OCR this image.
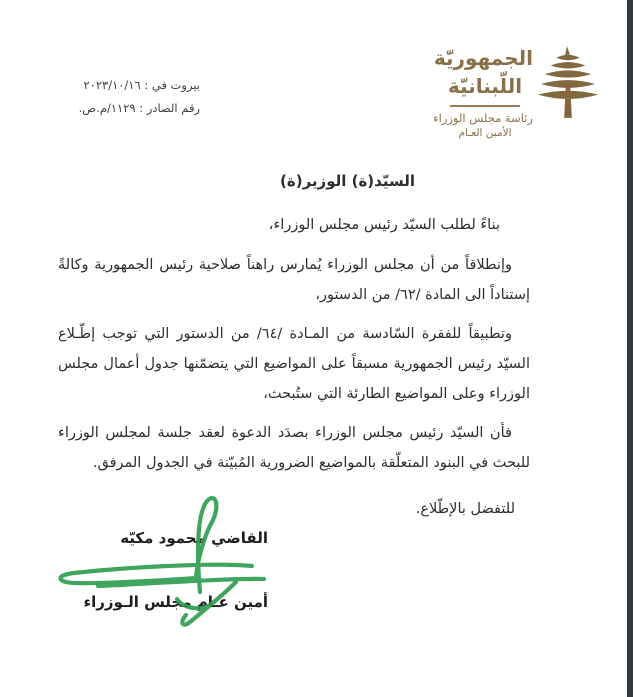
بيروت في : ٢٠٢٣/١٠/١٦
رقم الصادر : ١١٢٩/م.ص.
الجمهوريّة
اللّبنانيّة
رئاسة مجلس الوزراء
الأمين العـام
السيّد(ة) الوزير(ة)
بناءً لطلب السيّد رئيس مجلس الوزراء،
وإنطلاقاً من أن مجلس الوزراء يُمارس راهناً صلاحية رئيس الجمهورية وكالةً إستناداً الى المادة /٦٢/ من الدستور،
وتطبيقاً للفقرة السّادسة من المـادة /٦٤/ من الدستور التي توجب إطّـلاع السيّد رئيس الجمهورية مسبقاً على المواضيع التي يتضمّنها جدول أعمال مجلس الوزراء وعلى المواضيع الطارئة التي ستُبحث،
فأن السيّد رئيس مجلس الوزراء بصدَد الدعوة لعقد جلسة لمجلس الوزراء للبحث في البنود المتعلّقة بالمواضيع الضرورية المُبيّنة في الجدول المرفق.
للتفضل بالإطّلاع.
القاضي محمود مكيّه
أمين عـام مجلس الـوزراء
